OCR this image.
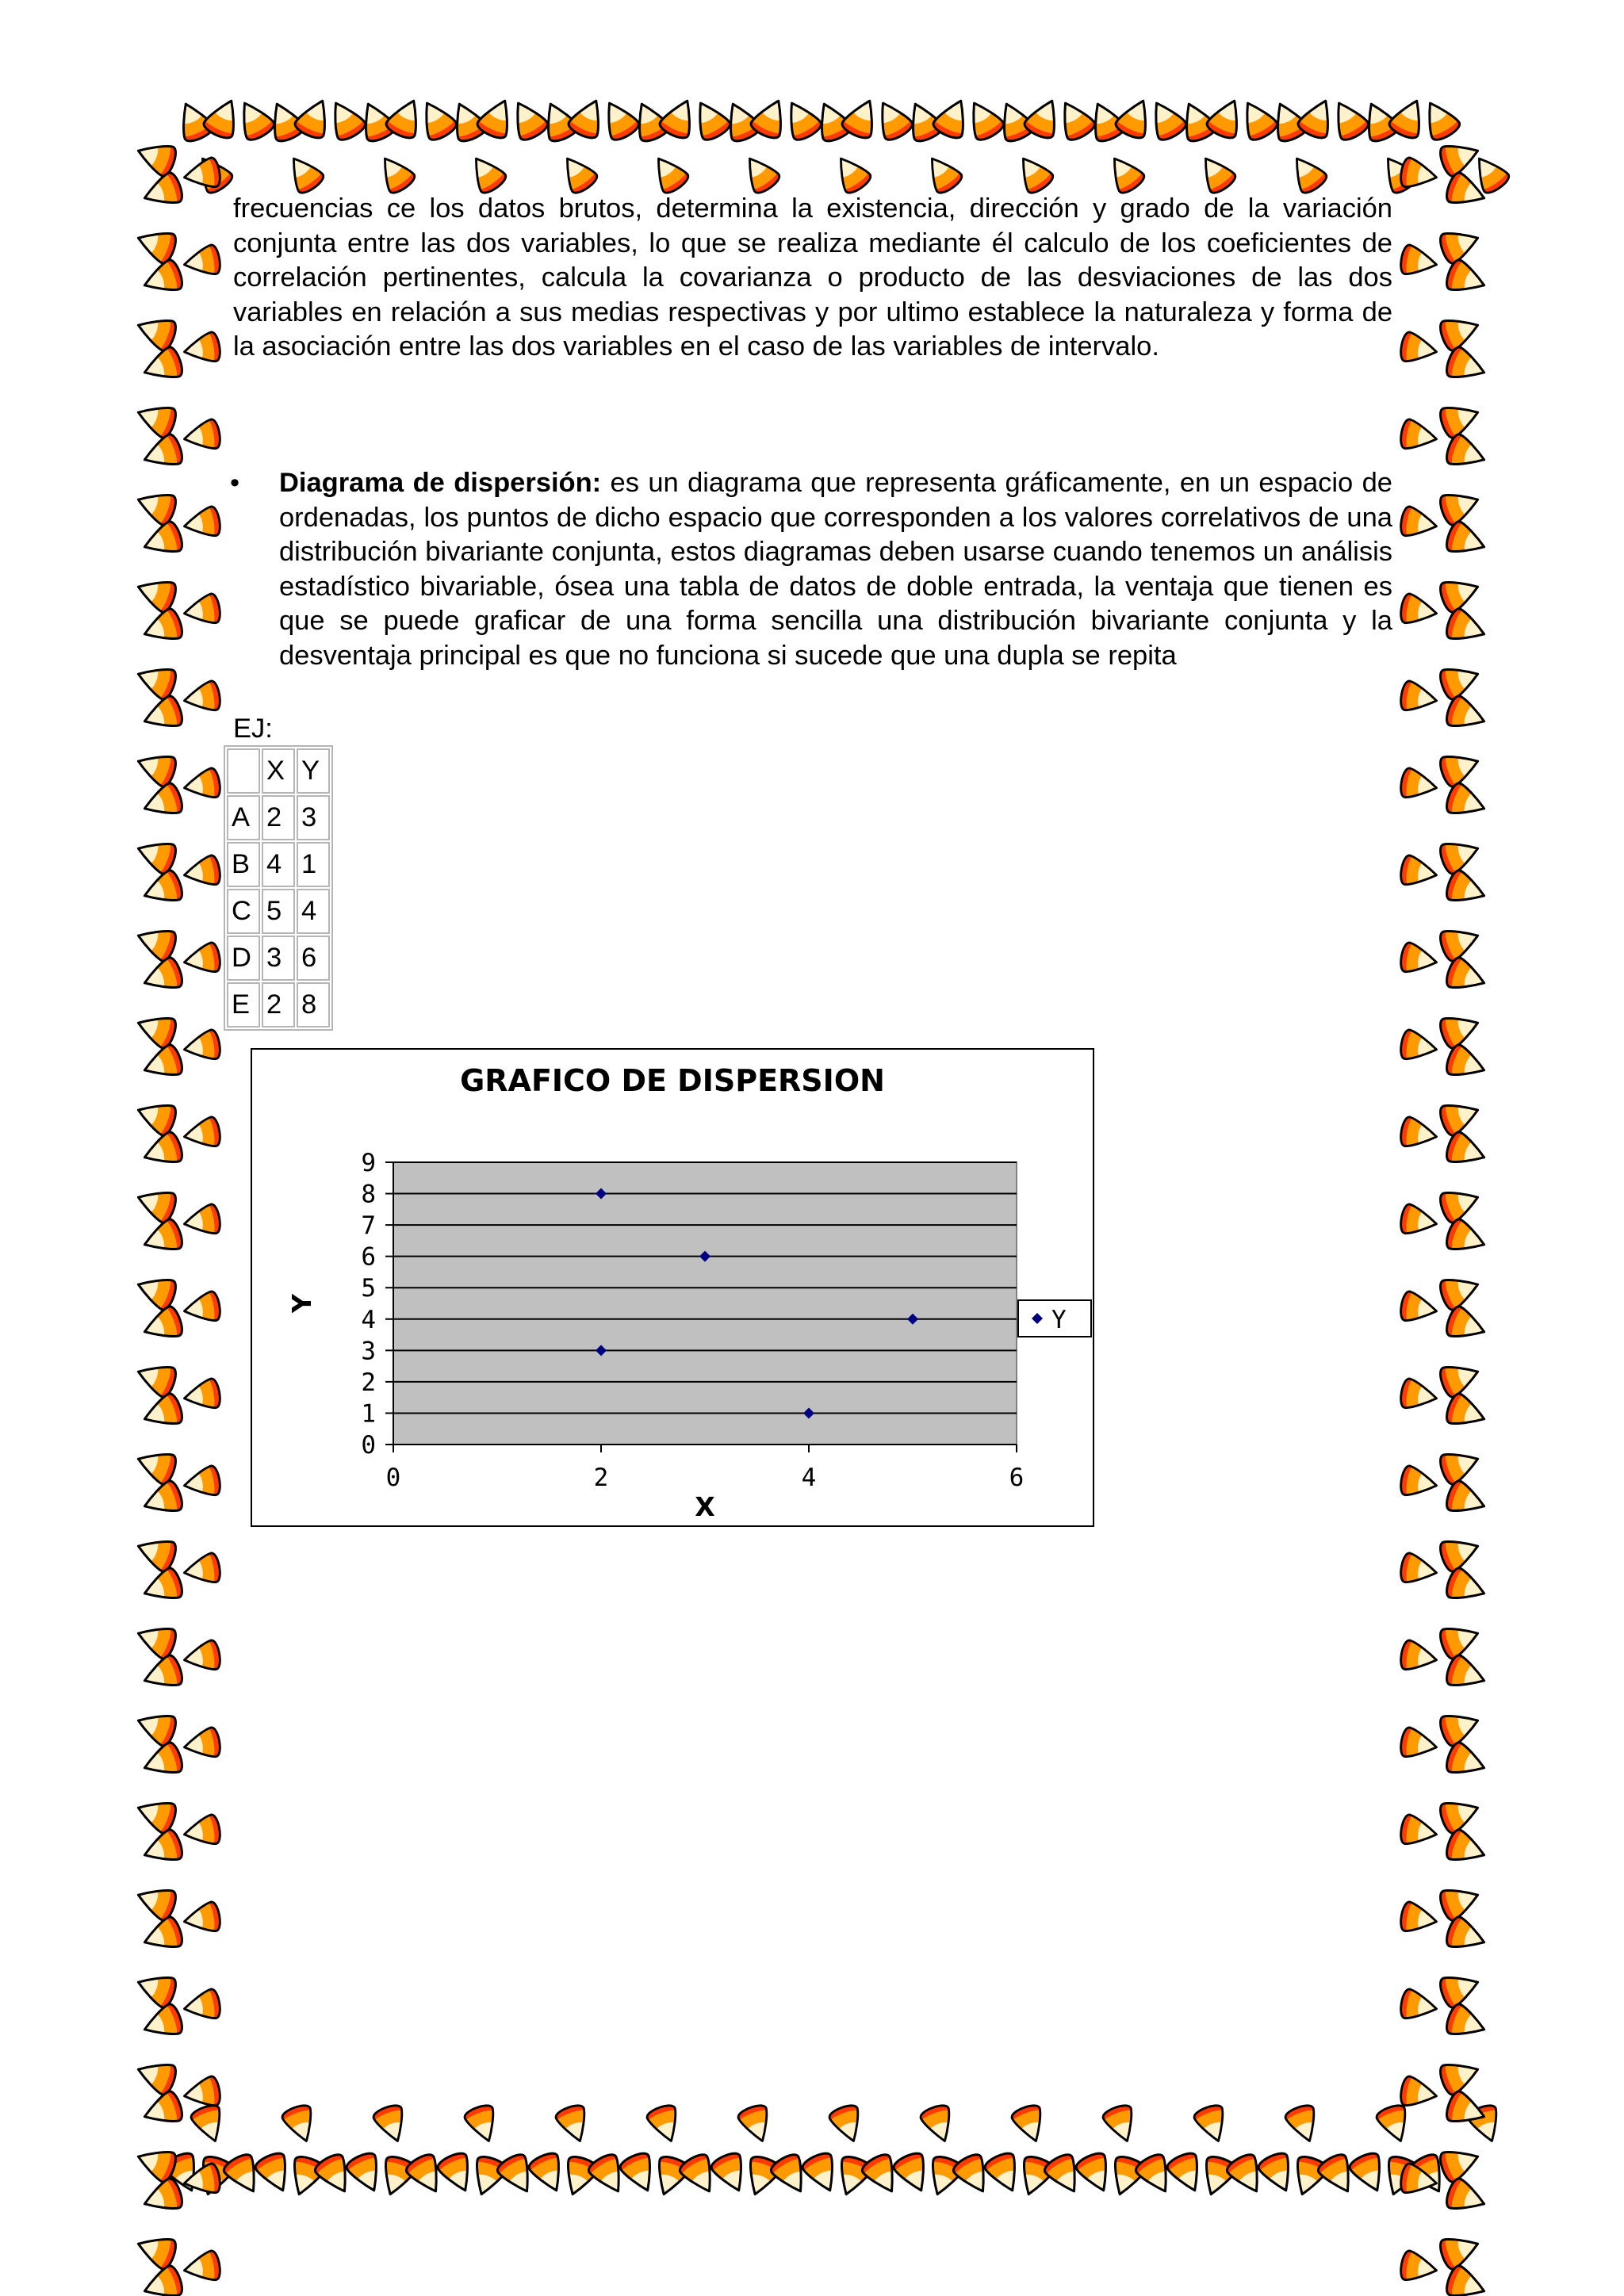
frecuencias ce los datos brutos, determina la existencia, dirección y grado de la variación conjunta entre las dos variables, lo que se realiza mediante él calculo de los coeficientes de correlación pertinentes, calcula la covarianza o producto de las desviaciones de las dos variables en relación a sus medias respectivas y por ultimo establece la naturaleza y forma de la asociación entre las dos variables en el caso de las variables de intervalo.

• Diagrama de dispersión: es un diagrama que representa gráficamente, en un espacio de ordenadas, los puntos de dicho espacio que corresponden a los valores correlativos de una distribución bivariante conjunta, estos diagramas deben usarse cuando tenemos un análisis estadístico bivariable, ósea una tabla de datos de doble entrada, la ventaja que tienen es que se puede graficar de una forma sencilla una distribución bivariante conjunta y la desventaja principal es que no funciona si sucede que una dupla se repita
EJ:
	X	Y
A	2	3
B	4	1
C	5	4
D	3	6
E	2	8
GRAFICO DE DISPERSION
0
1
2
3
4
5
6
7
8
9
0	2	4	6
X
Y
Y
